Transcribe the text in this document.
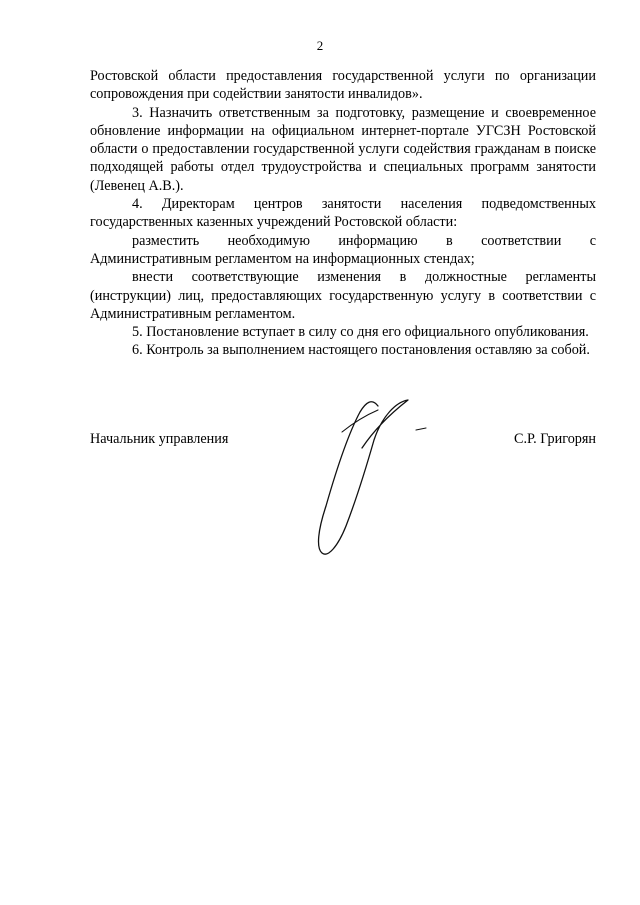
2

Ростовской области предоставления государственной услуги по организации сопровождения при содействии занятости инвалидов».

3. Назначить ответственным за подготовку, размещение и своевременное обновление информации на официальном интернет-портале УГСЗН Ростовской области о предоставлении государственной услуги содействия гражданам в поиске подходящей работы отдел трудоустройства и специальных программ занятости (Левенец А.В.).

4. Директорам центров занятости населения подведомственных государственных казенных учреждений Ростовской области:

разместить необходимую информацию в соответствии с Административным регламентом на информационных стендах;

внести соответствующие изменения в должностные регламенты (инструкции) лиц, предоставляющих государственную услугу в соответствии с Административным регламентом.

5. Постановление вступает в силу со дня его официального опубликования.

6. Контроль за выполнением настоящего постановления оставляю за собой.

Начальник управления	С.Р. Григорян
